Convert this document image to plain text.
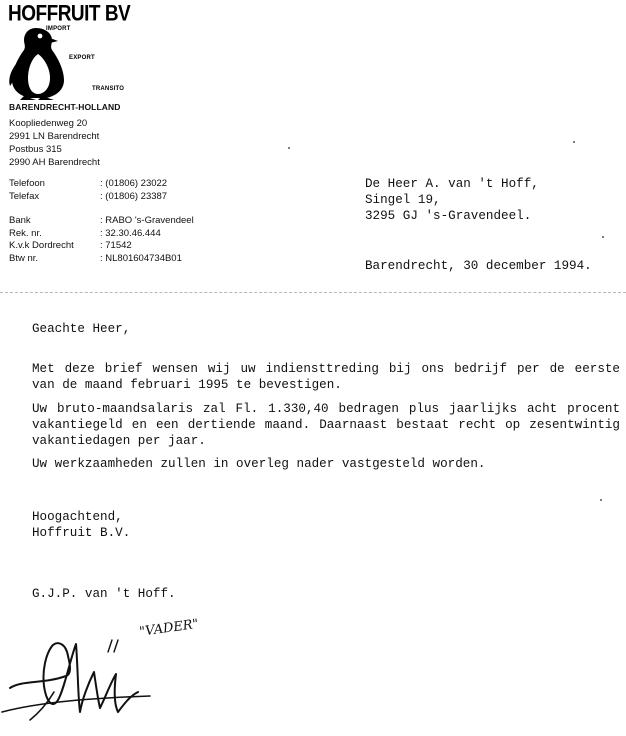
HOFFRUIT BV
IMPORT
EXPORT
TRANSITO
BARENDRECHT-HOLLAND
Koopliedenweg 20
2991 LN Barendrecht
Postbus 315
2990 AH Barendrecht
Telefoon	: (01806) 23022
Telefax	: (01806) 23387
Bank	: RABO 's-Gravendeel
Rek. nr.	: 32.30.46.444
K.v.k Dordrecht	: 71542
Btw nr.	: NL801604734B01
De Heer A. van 't Hoff,
Singel 19,
3295 GJ 's-Gravendeel.
Barendrecht, 30 december 1994.
Geachte Heer,
Met deze brief wensen wij uw indiensttreding bij ons bedrijf per de eerste van de maand februari 1995 te bevestigen.
Uw bruto-maandsalaris zal Fl. 1.330,40 bedragen plus jaarlijks acht procent vakantiegeld en een dertiende maand. Daarnaast bestaat recht op zesentwintig vakantiedagen per jaar.
Uw werkzaamheden zullen in overleg nader vastgesteld worden.
Hoogachtend,
Hoffruit B.V.
G.J.P. van 't Hoff.
"VADER"
